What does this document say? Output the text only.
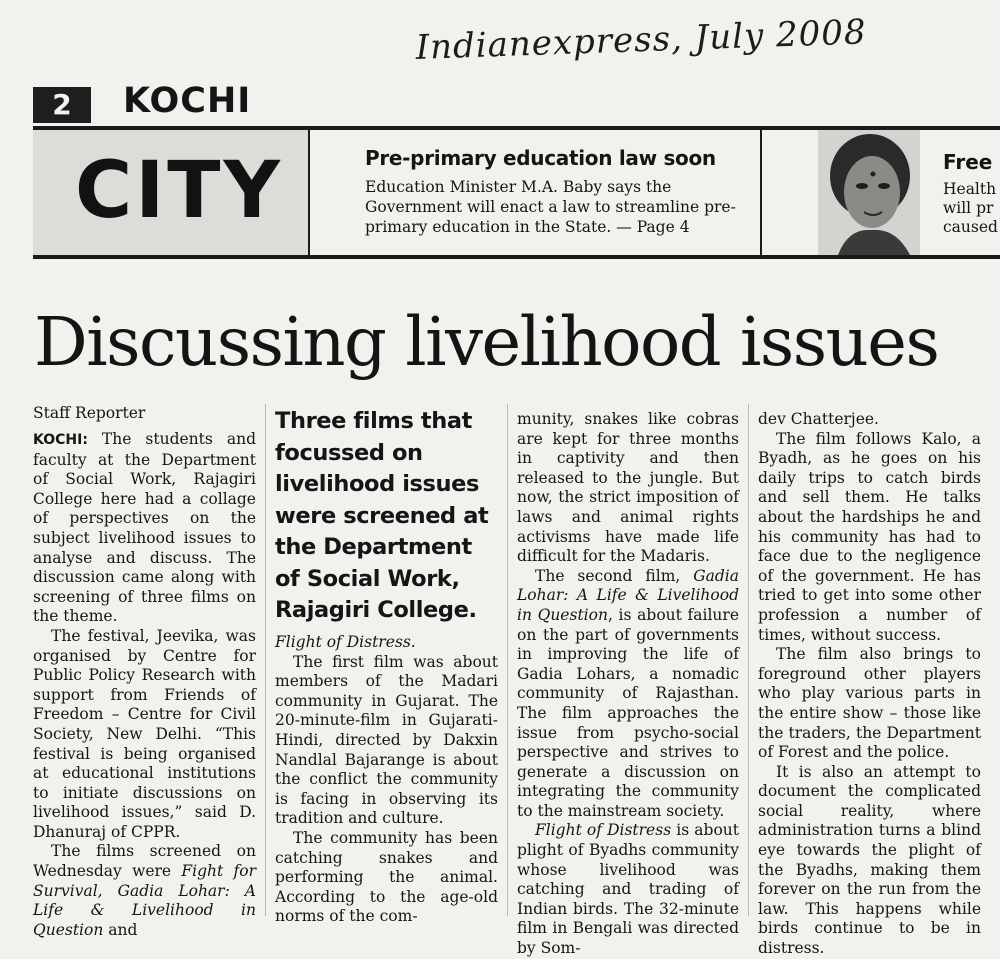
Indianexpress, July 2008
2	KOCHI
CITY	Pre-primary education law soon
Education Minister M.A. Baby says the Government will enact a law to streamline pre-primary education in the State. — Page 4
Free
Health
will pr
caused
Discussing livelihood issues
Staff Reporter

KOCHI: The students and faculty at the Department of Social Work, Rajagiri College here had a collage of perspectives on the subject livelihood issues to analyse and discuss. The discussion came along with screening of three films on the theme.

The festival, Jeevika, was organised by Centre for Public Policy Research with support from Friends of Freedom – Centre for Civil Society, New Delhi. “This festival is being organised at educational institutions to initiate discussions on livelihood issues,” said D. Dhanuraj of CPPR.

The films screened on Wednesday were Fight for Survival, Gadia Lohar: A Life & Livelihood in Question and

Three films that focussed on livelihood issues were screened at the Department of Social Work, Rajagiri College.

Flight of Distress.

The first film was about members of the Madari community in Gujarat. The 20-minute-film in Gujarati-Hindi, directed by Dakxin Nandlal Bajarange is about the conflict the community is facing in observing its tradition and culture.

The community has been catching snakes and performing the animal. According to the age-old norms of the com-

munity, snakes like cobras are kept for three months in captivity and then released to the jungle. But now, the strict imposition of laws and animal rights activisms have made life difficult for the Madaris.

The second film, Gadia Lohar: A Life & Livelihood in Question, is about failure on the part of governments in improving the life of Gadia Lohars, a nomadic community of Rajasthan. The film approaches the issue from psycho-social perspective and strives to generate a discussion on integrating the community to the mainstream society.

Flight of Distress is about plight of Byadhs community whose livelihood was catching and trading of Indian birds. The 32-minute film in Bengali was directed by Som-

dev Chatterjee.

The film follows Kalo, a Byadh, as he goes on his daily trips to catch birds and sell them. He talks about the hardships he and his community has had to face due to the negligence of the government. He has tried to get into some other profession a number of times, without success.

The film also brings to foreground other players who play various parts in the entire show – those like the traders, the Department of Forest and the police.

It is also an attempt to document the complicated social reality, where administration turns a blind eye towards the plight of the Byadhs, making them forever on the run from the law. This happens while birds continue to be in distress.
